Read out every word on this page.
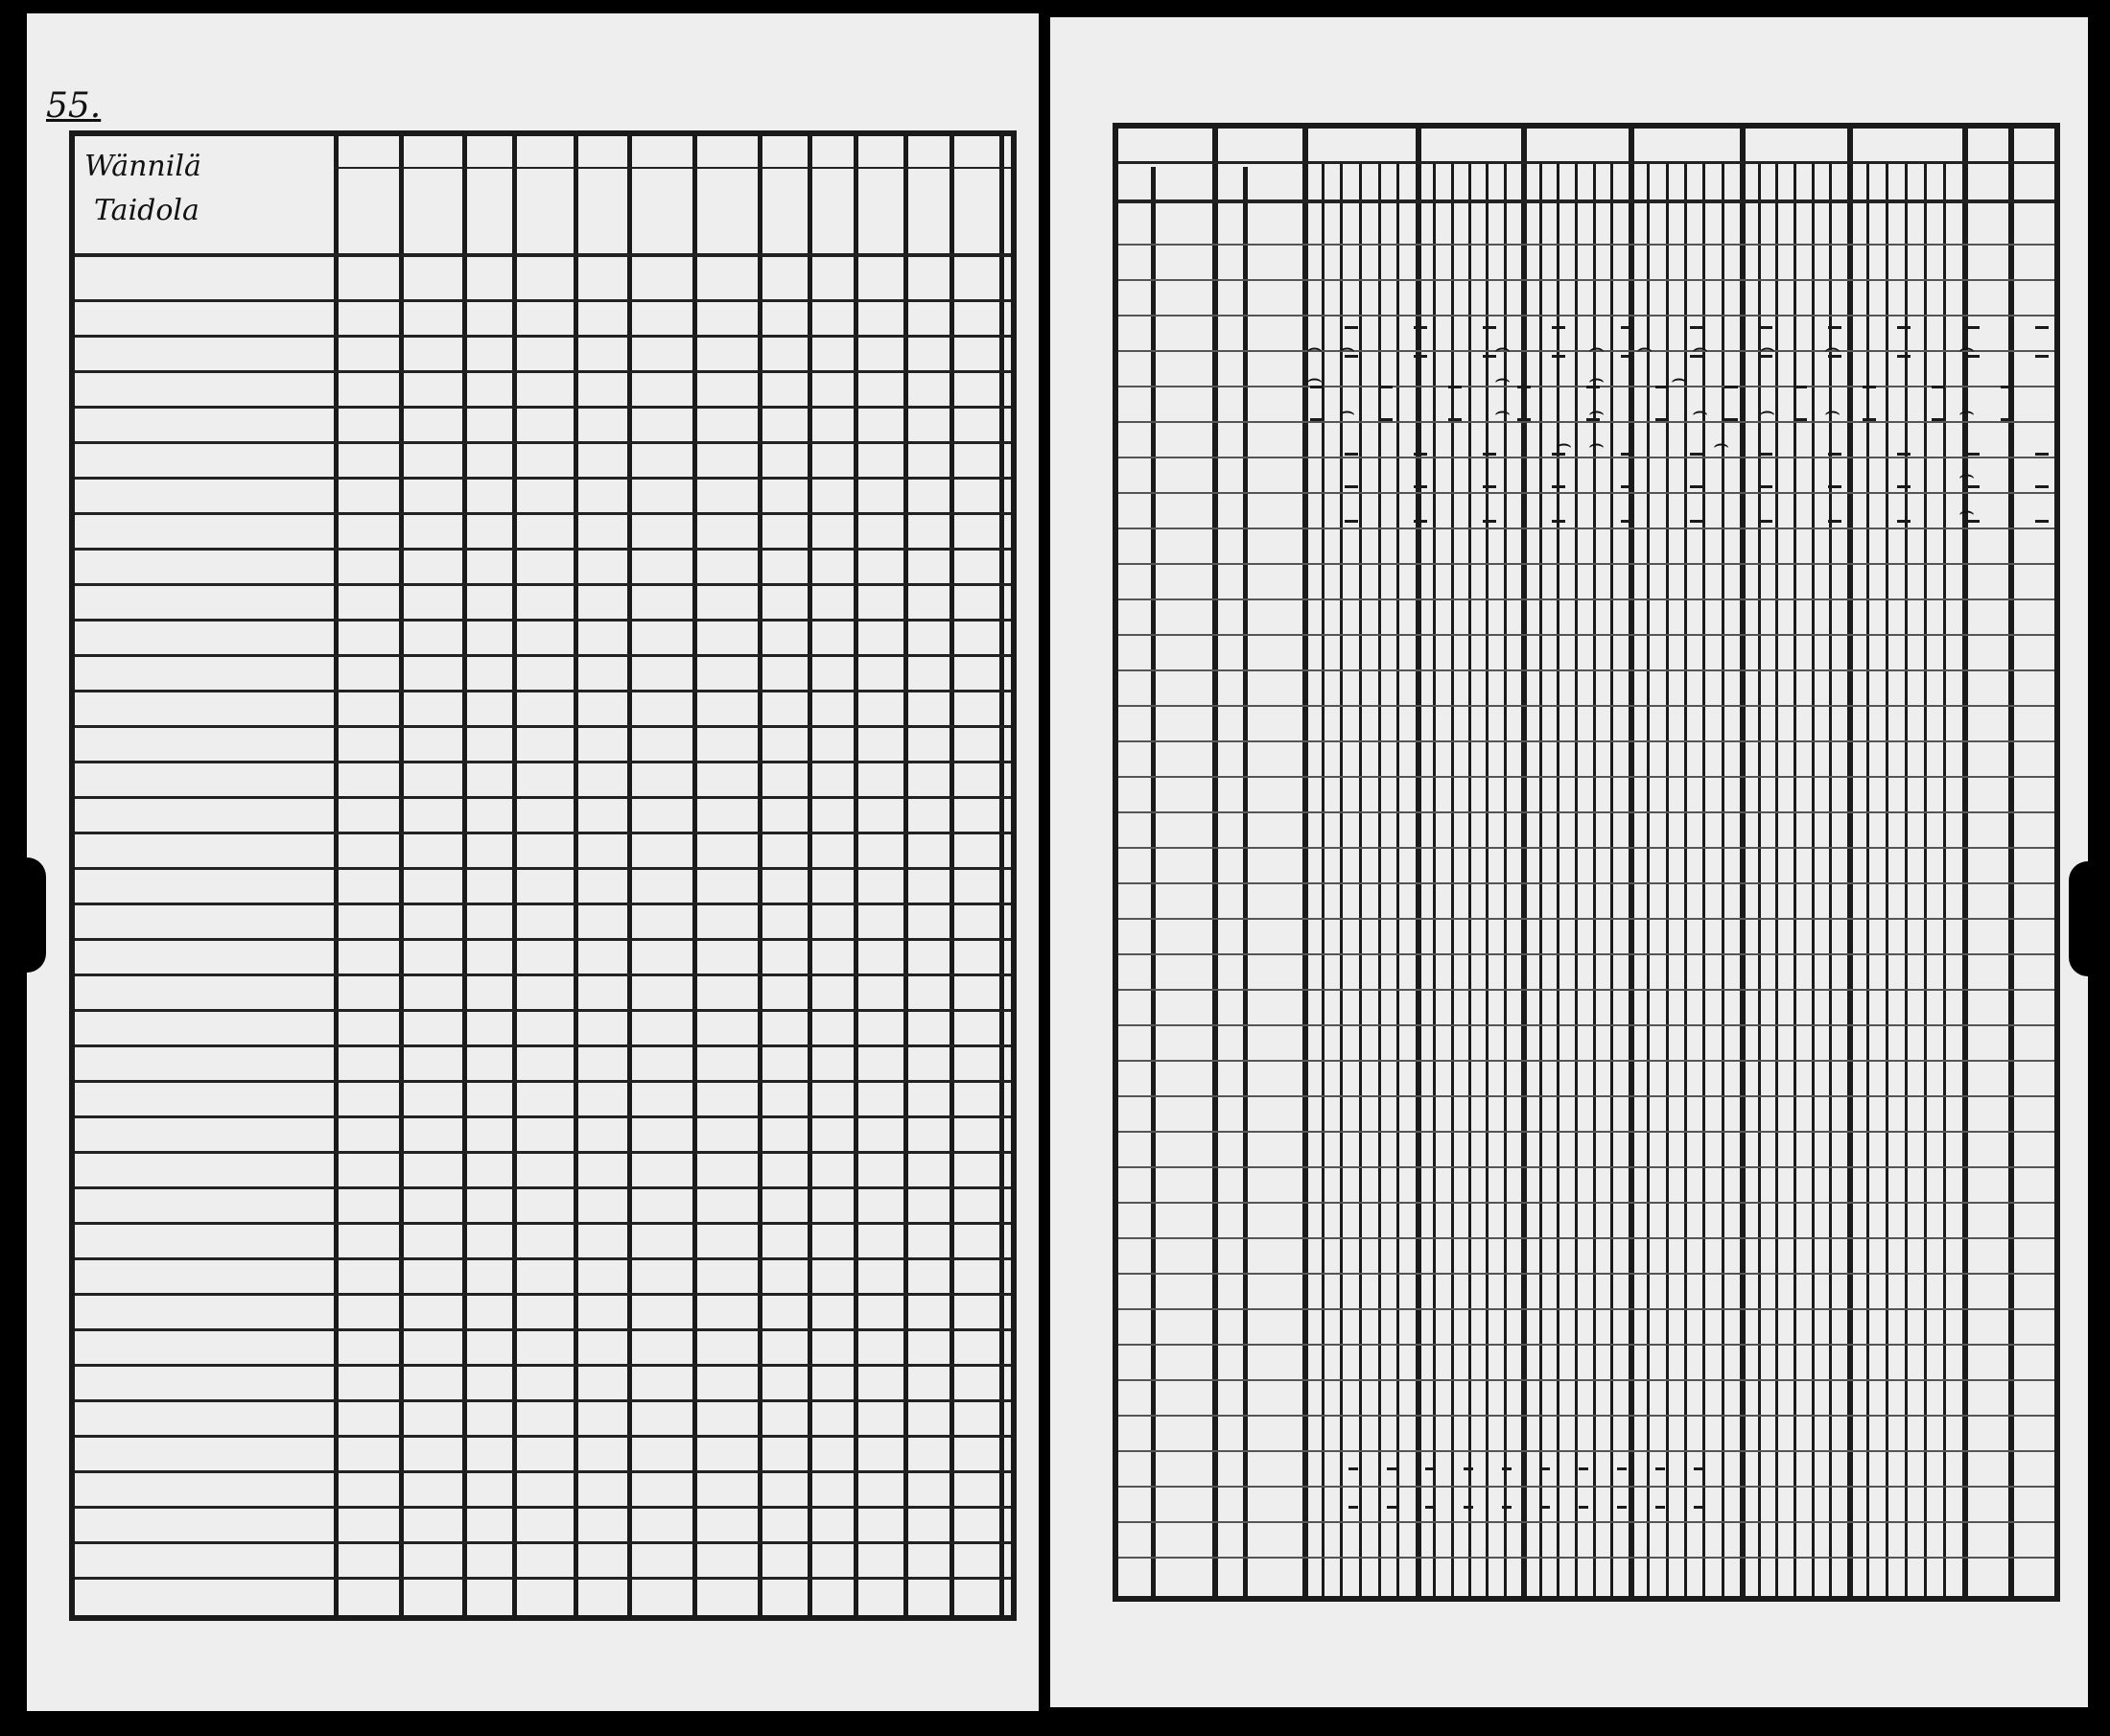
55.
Wännilä
Taidola
⌢ ⌢	⌢	⌢ ⌢ ⌢ ⌢ ⌢	⌢
⌢	⌢	⌢	⌢
⌢	⌢	⌢	⌢ ⌢ ⌢	⌢
⌢ ⌢	⌢
⌢
⌢
